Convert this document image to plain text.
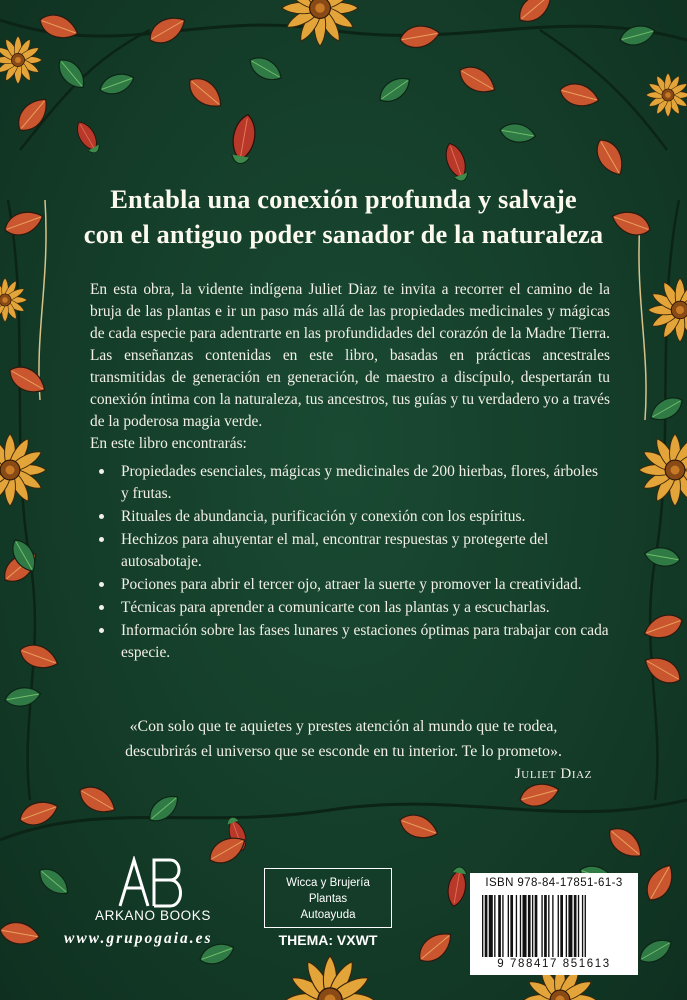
Entabla una conexión profunda y salvaje
con el antiguo poder sanador de la naturaleza
En esta obra, la vidente indígena Juliet Diaz te invita a recorrer el camino de la bruja de las plantas e ir un paso más allá de las propiedades medicinales y mágicas de cada especie para adentrarte en las profundidades del corazón de la Madre Tierra. Las enseñanzas contenidas en este libro, basadas en prácticas ancestrales transmitidas de generación en generación, de maestro a discípulo, despertarán tu conexión íntima con la naturaleza, tus ancestros, tus guías y tu verdadero yo a través de la poderosa magia verde.
En este libro encontrarás:
Propiedades esenciales, mágicas y medicinales de 200 hierbas, flores, árboles y frutas.
Rituales de abundancia, purificación y conexión con los espíritus.
Hechizos para ahuyentar el mal, encontrar respuestas y protegerte del autosabotaje.
Pociones para abrir el tercer ojo, atraer la suerte y promover la creatividad.
Técnicas para aprender a comunicarte con las plantas y a escucharlas.
Información sobre las fases lunares y estaciones óptimas para trabajar con cada especie.
«Con solo que te aquietes y prestes atención al mundo que te rodea,
descubrirás el universo que se esconde en tu interior. Te lo prometo».
Juliet Diaz
ARKANO BOOKS
www.grupogaia.es
Wicca y Brujería
Plantas
Autoayuda
THEMA: VXWT
ISBN 978-84-17851-61-3
9 788417 851613
